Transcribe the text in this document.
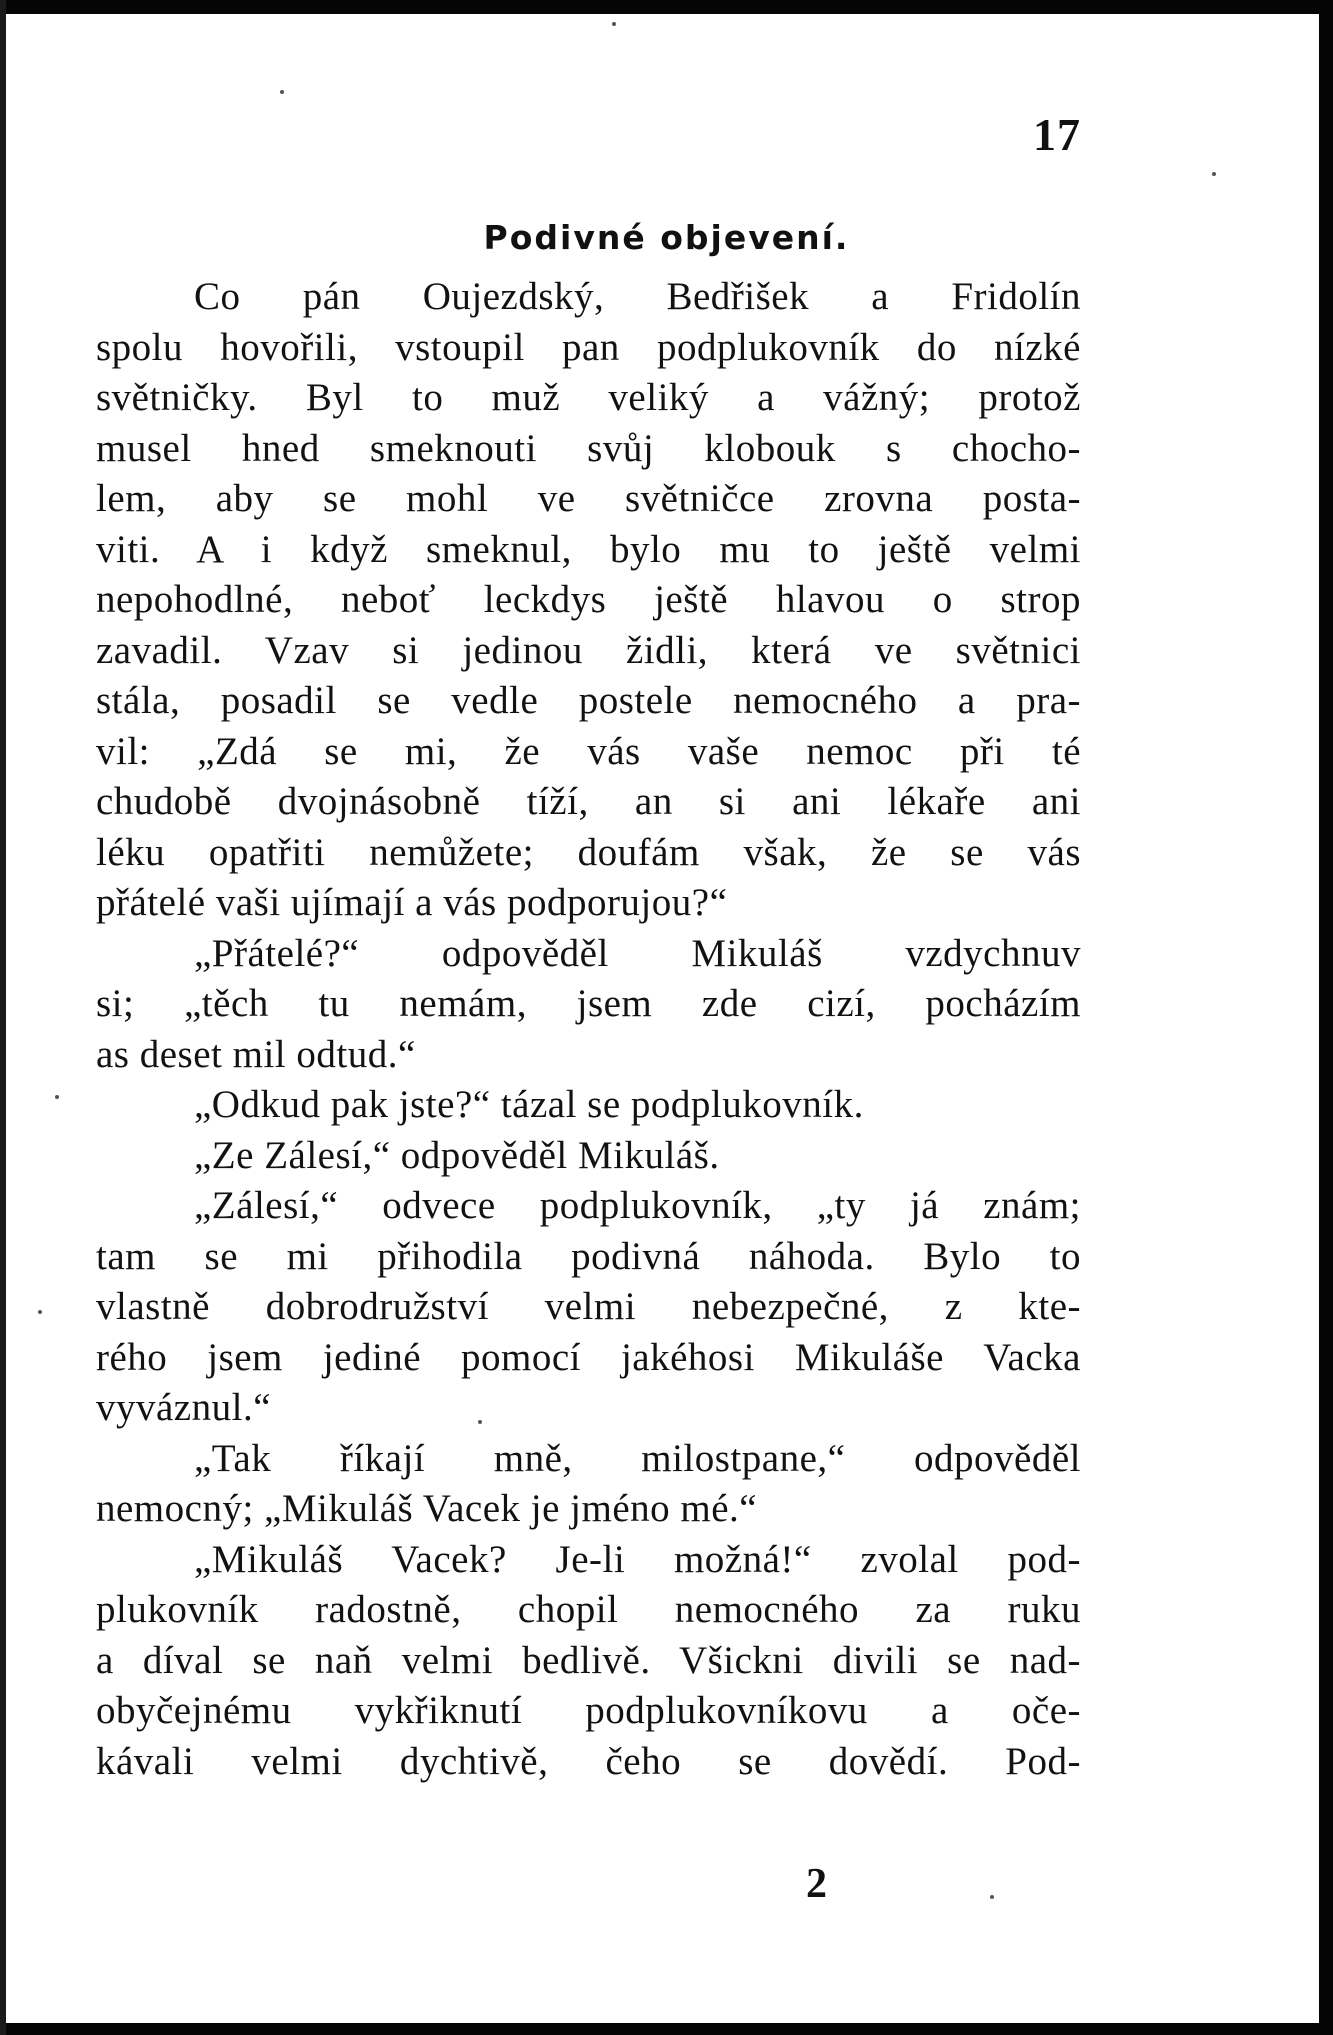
17
Podivné objevení.
Co pán Oujezdský, Bedřišek a Fridolín
spolu hovořili, vstoupil pan podplukovník do nízké
světničky. Byl to muž veliký a vážný; protož
musel hned smeknouti svůj klobouk s chocho-
lem, aby se mohl ve světničce zrovna posta-
viti. A i když smeknul, bylo mu to ještě velmi
nepohodlné, neboť leckdys ještě hlavou o strop
zavadil. Vzav si jedinou židli, která ve světnici
stála, posadil se vedle postele nemocného a pra-
vil: „Zdá se mi, že vás vaše nemoc při té
chudobě dvojnásobně tíží, an si ani lékaře ani
léku opatřiti nemůžete; doufám však, že se vás
přátelé vaši ujímají a vás podporujou?“
„Přátelé?“ odpověděl Mikuláš vzdychnuv
si; „těch tu nemám, jsem zde cizí, pocházím
as deset mil odtud.“
„Odkud pak jste?“ tázal se podplukovník.
„Ze Zálesí,“ odpověděl Mikuláš.
„Zálesí,“ odvece podplukovník, „ty já znám;
tam se mi přihodila podivná náhoda. Bylo to
vlastně dobrodružství velmi nebezpečné, z kte-
rého jsem jediné pomocí jakéhosi Mikuláše Vacka
vyváznul.“
„Tak říkají mně, milostpane,“ odpověděl
nemocný; „Mikuláš Vacek je jméno mé.“
„Mikuláš Vacek? Je-li možná!“ zvolal pod-
plukovník radostně, chopil nemocného za ruku
a díval se naň velmi bedlivě. Všickni divili se nad-
obyčejnému vykřiknutí podplukovníkovu a oče-
kávali velmi dychtivě, čeho se dovědí. Pod-
2
